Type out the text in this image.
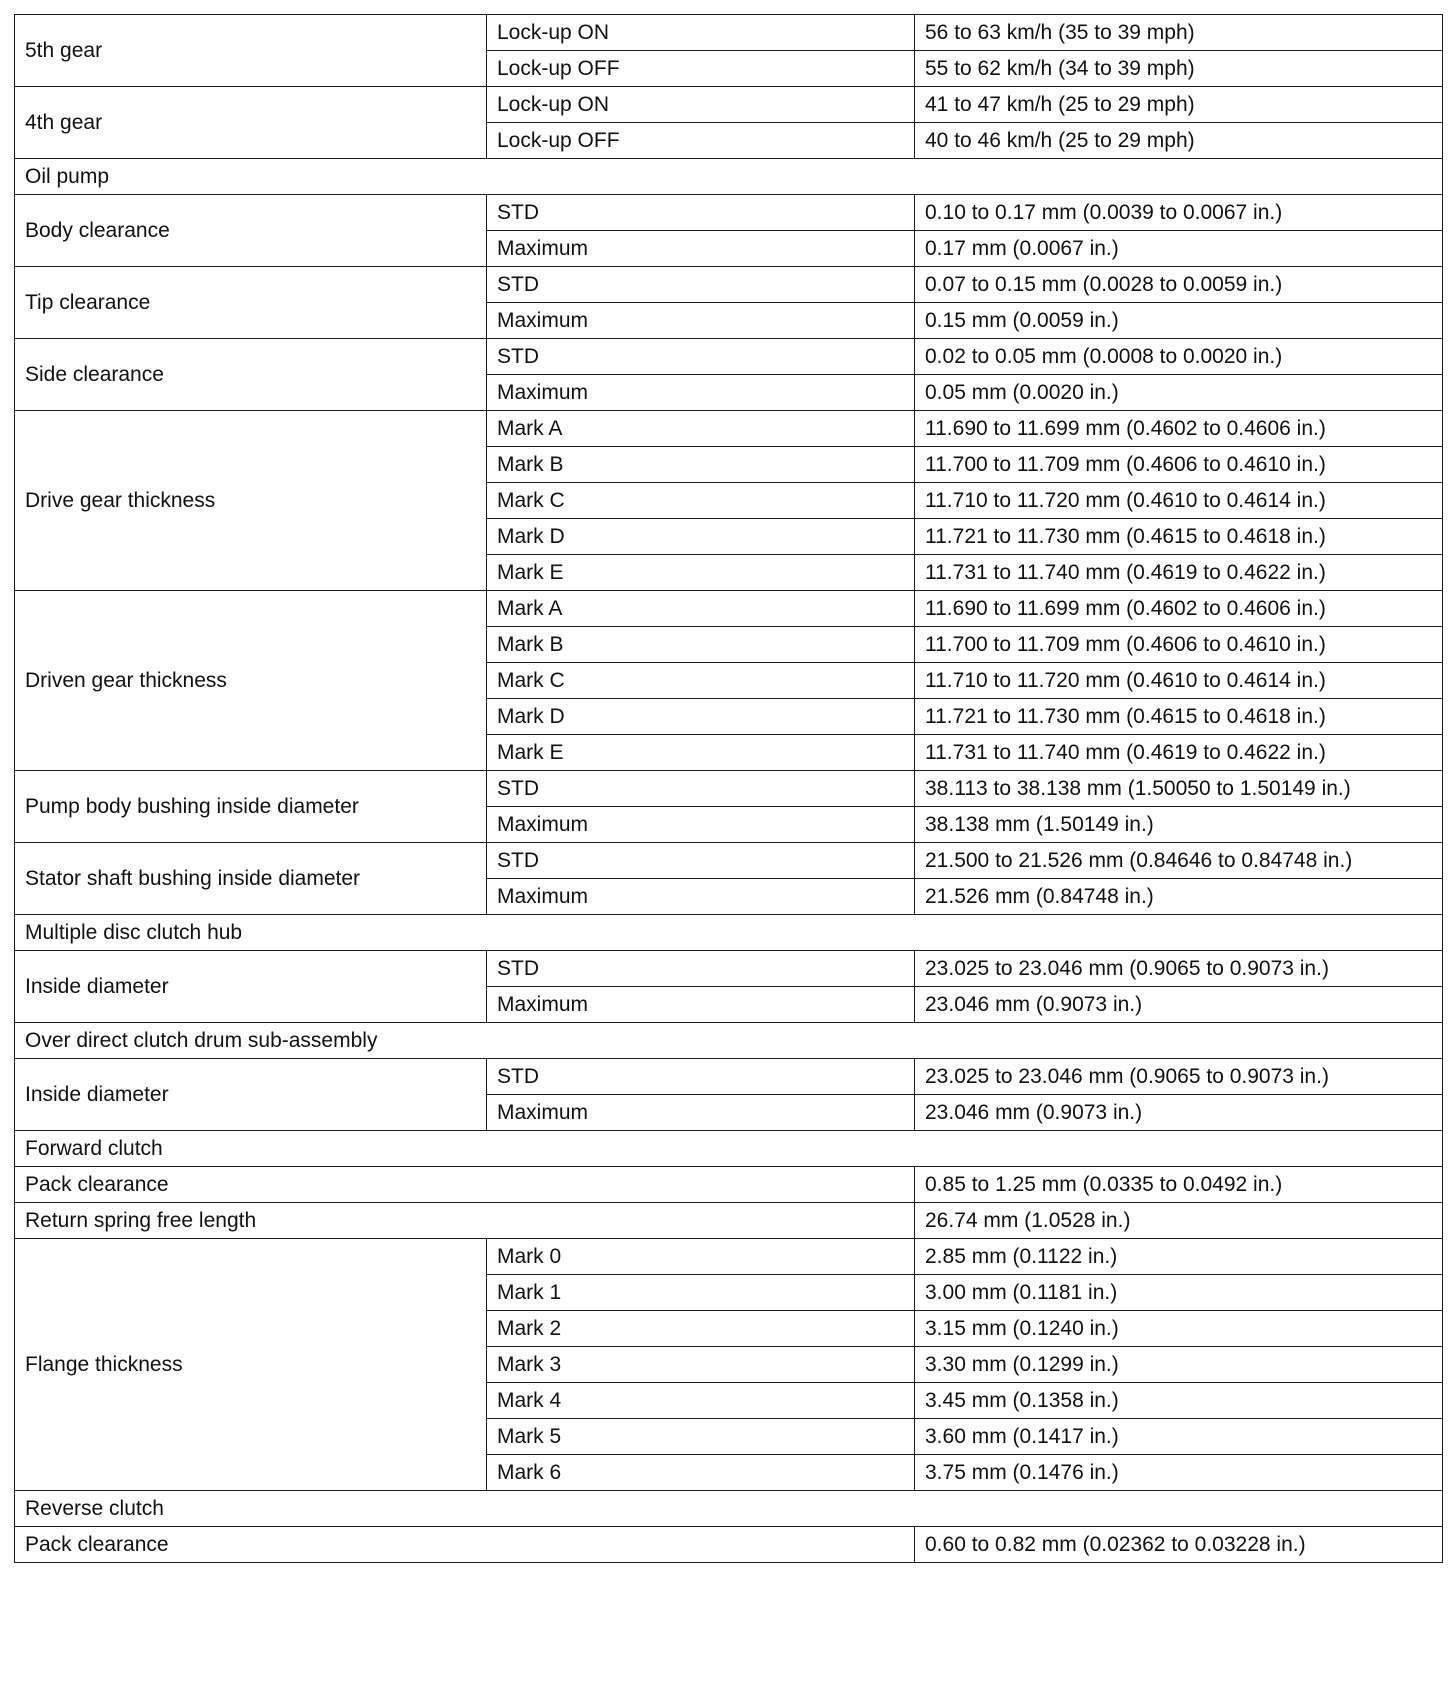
5th gear	Lock-up ON	56 to 63 km/h (35 to 39 mph)
	Lock-up OFF	55 to 62 km/h (34 to 39 mph)
4th gear	Lock-up ON	41 to 47 km/h (25 to 29 mph)
	Lock-up OFF	40 to 46 km/h (25 to 29 mph)
Oil pump		
Body clearance	STD	0.10 to 0.17 mm (0.0039 to 0.0067 in.)
	Maximum	0.17 mm (0.0067 in.)
Tip clearance	STD	0.07 to 0.15 mm (0.0028 to 0.0059 in.)
	Maximum	0.15 mm (0.0059 in.)
Side clearance	STD	0.02 to 0.05 mm (0.0008 to 0.0020 in.)
	Maximum	0.05 mm (0.0020 in.)
Drive gear thickness	Mark A	11.690 to 11.699 mm (0.4602 to 0.4606 in.)
	Mark B	11.700 to 11.709 mm (0.4606 to 0.4610 in.)
	Mark C	11.710 to 11.720 mm (0.4610 to 0.4614 in.)
	Mark D	11.721 to 11.730 mm (0.4615 to 0.4618 in.)
	Mark E	11.731 to 11.740 mm (0.4619 to 0.4622 in.)
Driven gear thickness	Mark A	11.690 to 11.699 mm (0.4602 to 0.4606 in.)
	Mark B	11.700 to 11.709 mm (0.4606 to 0.4610 in.)
	Mark C	11.710 to 11.720 mm (0.4610 to 0.4614 in.)
	Mark D	11.721 to 11.730 mm (0.4615 to 0.4618 in.)
	Mark E	11.731 to 11.740 mm (0.4619 to 0.4622 in.)
Pump body bushing inside diameter	STD	38.113 to 38.138 mm (1.50050 to 1.50149 in.)
	Maximum	38.138 mm (1.50149 in.)
Stator shaft bushing inside diameter	STD	21.500 to 21.526 mm (0.84646 to 0.84748 in.)
	Maximum	21.526 mm (0.84748 in.)
Multiple disc clutch hub		
Inside diameter	STD	23.025 to 23.046 mm (0.9065 to 0.9073 in.)
	Maximum	23.046 mm (0.9073 in.)
Over direct clutch drum sub-assembly		
Inside diameter	STD	23.025 to 23.046 mm (0.9065 to 0.9073 in.)
	Maximum	23.046 mm (0.9073 in.)
Forward clutch		
Pack clearance		0.85 to 1.25 mm (0.0335 to 0.0492 in.)
Return spring free length		26.74 mm (1.0528 in.)
Flange thickness	Mark 0	2.85 mm (0.1122 in.)
	Mark 1	3.00 mm (0.1181 in.)
	Mark 2	3.15 mm (0.1240 in.)
	Mark 3	3.30 mm (0.1299 in.)
	Mark 4	3.45 mm (0.1358 in.)
	Mark 5	3.60 mm (0.1417 in.)
	Mark 6	3.75 mm (0.1476 in.)
Reverse clutch		
Pack clearance		0.60 to 0.82 mm (0.02362 to 0.03228 in.)
